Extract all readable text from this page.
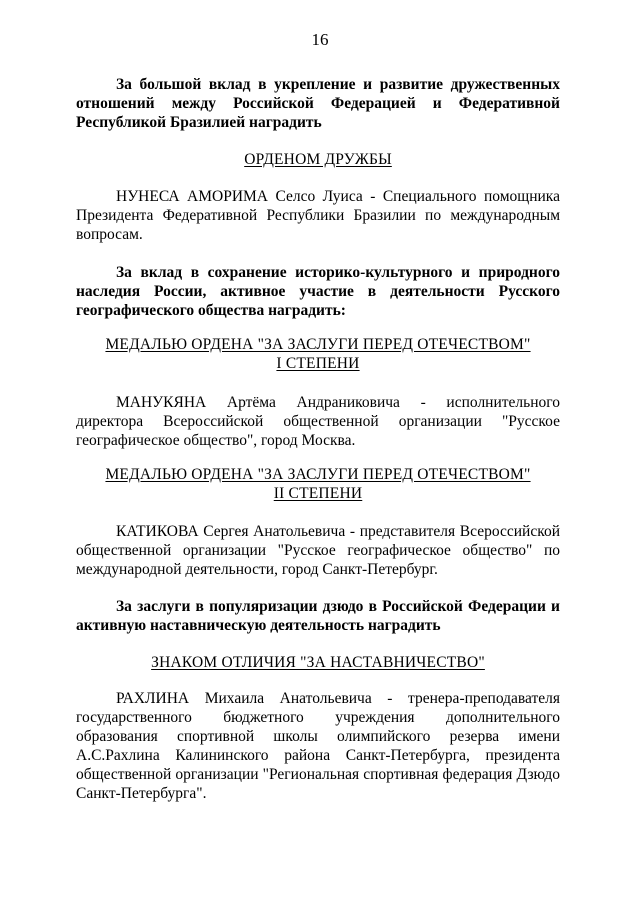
16

За большой вклад в укрепление и развитие дружественных отношений между Российской Федерацией и Федеративной Республикой Бразилией наградить

ОРДЕНОМ ДРУЖБЫ

НУНЕСА АМОРИМА Селсо Луиса - Специального помощника Президента Федеративной Республики Бразилии по международным вопросам.

За вклад в сохранение историко-культурного и природного наследия России, активное участие в деятельности Русского географического общества наградить:

МЕДАЛЬЮ ОРДЕНА "ЗА ЗАСЛУГИ ПЕРЕД ОТЕЧЕСТВОМ"
I СТЕПЕНИ

МАНУКЯНА Артёма Андраниковича - исполнительного директора Всероссийской общественной организации "Русское географическое общество", город Москва.

МЕДАЛЬЮ ОРДЕНА "ЗА ЗАСЛУГИ ПЕРЕД ОТЕЧЕСТВОМ"
II СТЕПЕНИ

КАТИКОВА Сергея Анатольевича - представителя Всероссийской общественной организации "Русское географическое общество" по международной деятельности, город Санкт-Петербург.

За заслуги в популяризации дзюдо в Российской Федерации и активную наставническую деятельность наградить

ЗНАКОМ ОТЛИЧИЯ "ЗА НАСТАВНИЧЕСТВО"

РАХЛИНА Михаила Анатольевича - тренера-преподавателя государственного бюджетного учреждения дополнительного образования спортивной школы олимпийского резерва имени А.С.Рахлина Калининского района Санкт-Петербурга, президента общественной организации "Региональная спортивная федерация Дзюдо Санкт-Петербурга".
